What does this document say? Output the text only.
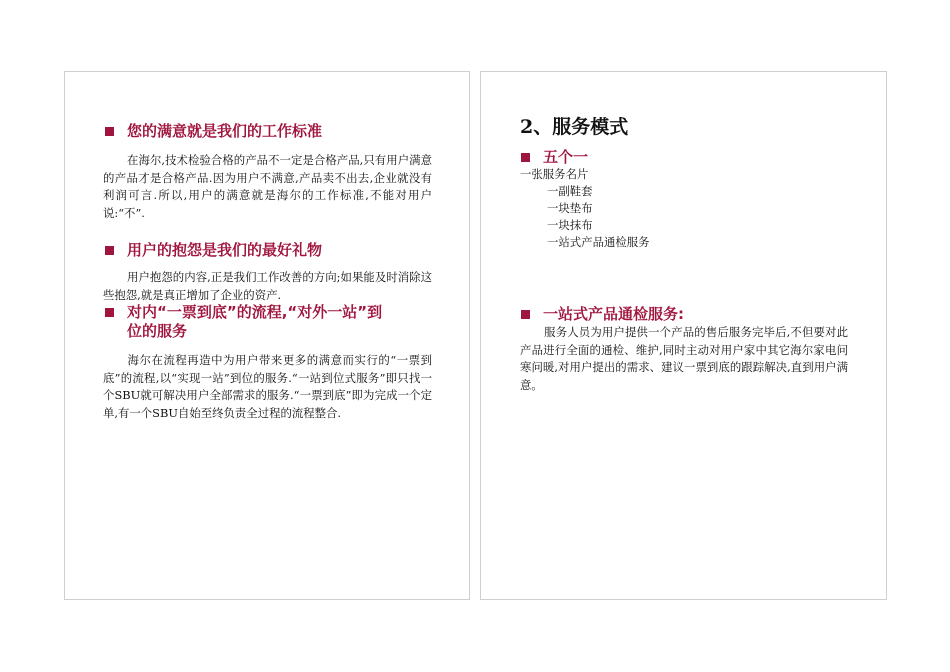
您的满意就是我们的工作标准
在海尔,技术检验合格的产品不一定是合格产品,只有用户满意的产品才是合格产品.因为用户不满意,产品卖不出去,企业就没有利润可言.所以,用户的满意就是海尔的工作标准,不能对用户说:“不”.
用户的抱怨是我们的最好礼物
用户抱怨的内容,正是我们工作改善的方向;如果能及时消除这些抱怨,就是真正增加了企业的资产.
对内“一票到底”的流程,“对外一站”到
位的服务
海尔在流程再造中为用户带来更多的满意而实行的“一票到底”的流程,以“实现一站”到位的服务.“一站到位式服务”即只找一个SBU就可解决用户全部需求的服务.“一票到底”即为完成一个定单,有一个SBU自始至终负责全过程的流程整合.
2、服务模式
五个一
一张服务名片
一副鞋套
一块垫布
一块抹布
一站式产品通检服务
一站式产品通检服务:
服务人员为用户提供一个产品的售后服务完毕后,不但要对此产品进行全面的通检、维护,同时主动对用户家中其它海尔家电问寒问暖,对用户提出的需求、建议一票到底的跟踪解决,直到用户满意。
